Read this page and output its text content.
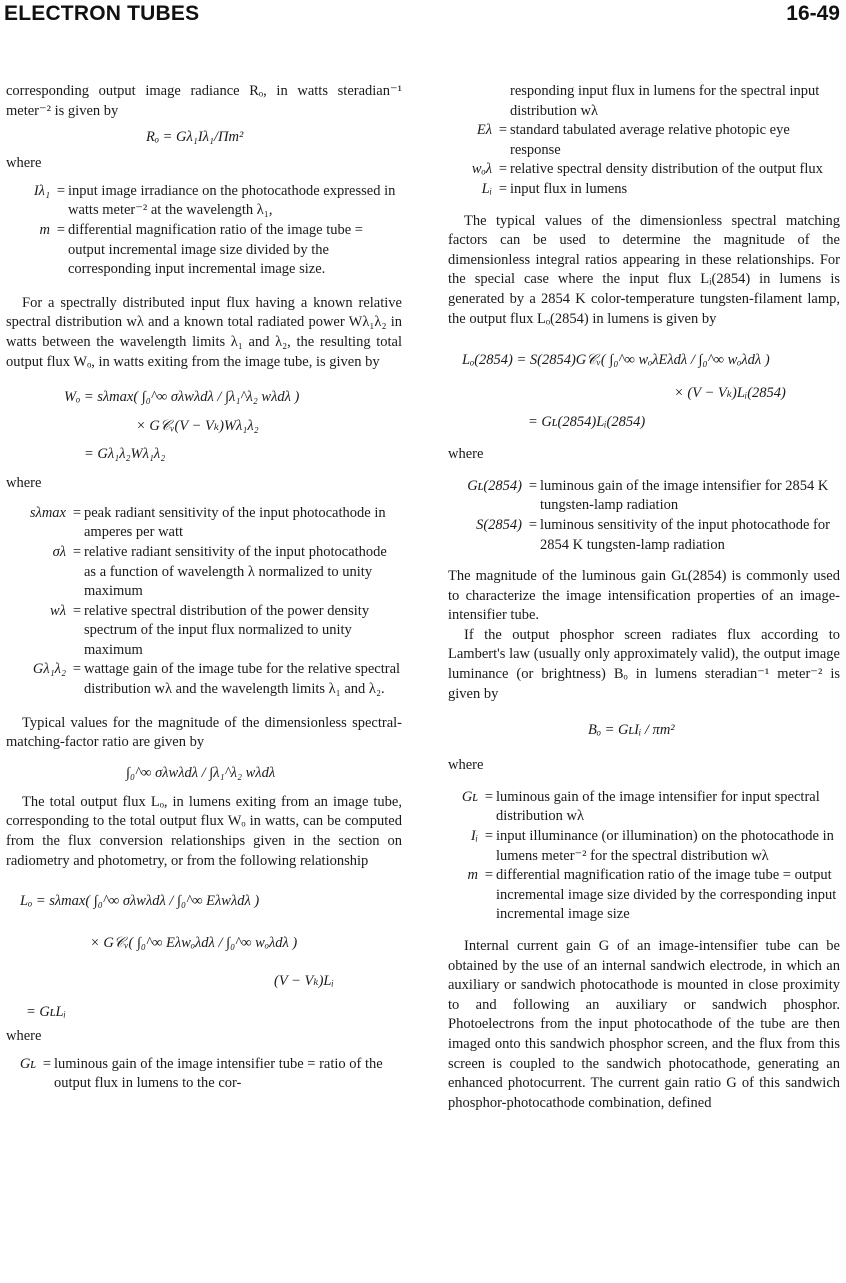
ELECTRON TUBES	16-49

corresponding output image radiance Rₒ, in watts steradian⁻¹ meter⁻² is given by

Rₒ = Gλ₁Iλ₁/Πm²
where
Iλ₁ = input image irradiance on the photocathode expressed in watts meter⁻² at the wavelength λ₁,
m = differential magnification ratio of the image tube = output incremental image size divided by the corresponding input incremental image size.

For a spectrally distributed input flux having a known relative spectral distribution wλ and a known total radiated power Wλ₁λ₂ in watts between the wavelength limits λ₁ and λ₂, the resulting total output flux Wₒ, in watts exiting from the image tube, is given by

Wₒ = sλmax( ∫₀^∞ σλwλdλ / ∫λ₁^λ₂ wλdλ )
× G𝒞ᵥ(V − Vₖ)Wλ₁λ₂
= Gλ₁λ₂Wλ₁λ₂
where
sλmax = peak radiant sensitivity of the input photocathode in amperes per watt
σλ = relative radiant sensitivity of the input photocathode as a function of wavelength λ normalized to unity maximum
wλ = relative spectral distribution of the power density spectrum of the input flux normalized to unity maximum
Gλ₁λ₂ = wattage gain of the image tube for the relative spectral distribution wλ and the wavelength limits λ₁ and λ₂.

Typical values for the magnitude of the dimensionless spectral-matching-factor ratio are given by

∫₀^∞ σλwλdλ / ∫λ₁^λ₂ wλdλ

The total output flux Lₒ, in lumens exiting from an image tube, corresponding to the total output flux Wₒ in watts, can be computed from the flux conversion relationships given in the section on radiometry and photometry, or from the following relationship

Lₒ = sλmax( ∫₀^∞ σλwλdλ / ∫₀^∞ Eλwλdλ )
× G𝒞ᵥ( ∫₀^∞ Eλwₒλdλ / ∫₀^∞ wₒλdλ )
(V − Vₖ)Lᵢ
= GʟLᵢ
where
Gʟ = luminous gain of the image intensifier tube = ratio of the output flux in lumens to the cor-
responding input flux in lumens for the spectral input distribution wλ
Eλ = standard tabulated average relative photopic eye response
wₒλ = relative spectral density distribution of the output flux
Lᵢ = input flux in lumens

The typical values of the dimensionless spectral matching factors can be used to determine the magnitude of the dimensionless integral ratios appearing in these relationships. For the special case where the input flux Lᵢ(2854) in lumens is generated by a 2854 K color-temperature tungsten-filament lamp, the output flux Lₒ(2854) in lumens is given by

Lₒ(2854) = S(2854)G𝒞ᵥ( ∫₀^∞ wₒλEλdλ / ∫₀^∞ wₒλdλ )
× (V − Vₖ)Lᵢ(2854)
= Gʟ(2854)Lᵢ(2854)
where
Gʟ(2854) = luminous gain of the image intensifier for 2854 K tungsten-lamp radiation
S(2854) = luminous sensitivity of the input photocathode for 2854 K tungsten-lamp radiation

The magnitude of the luminous gain Gʟ(2854) is commonly used to characterize the image intensification properties of an image-intensifier tube.

If the output phosphor screen radiates flux according to Lambert's law (usually only approximately valid), the output image luminance (or brightness) Bₒ in lumens steradian⁻¹ meter⁻² is given by

Bₒ = GʟIᵢ / πm²
where
Gʟ = luminous gain of the image intensifier for input spectral distribution wλ
Iᵢ = input illuminance (or illumination) on the photocathode in lumens meter⁻² for the spectral distribution wλ
m = differential magnification ratio of the image tube = output incremental image size divided by the corresponding input incremental image size

Internal current gain G of an image-intensifier tube can be obtained by the use of an internal sandwich electrode, in which an auxiliary or sandwich photocathode is mounted in close proximity to and following an auxiliary or sandwich phosphor. Photoelectrons from the input photocathode of the tube are then imaged onto this sandwich phosphor screen, and the flux from this screen is coupled to the sandwich photocathode, generating an enhanced photocurrent. The current gain ratio G of this sandwich phosphor-photocathode combination, defined
